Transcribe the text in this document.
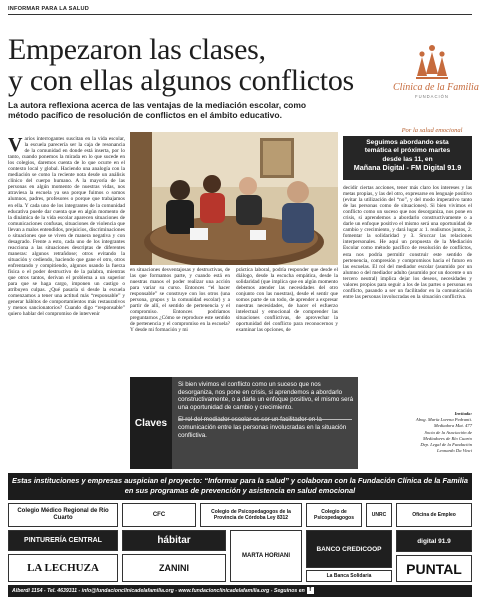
INFORMAR PARA LA SALUD
Empezaron las clases,
y con ellas algunos conflictos
La autora reflexiona acerca de las ventajas de la mediación escolar, como método pacífico de resolución de conflictos en el ámbito educativo.
Clínica de la Familia
FUNDACIÓN
Por la salud emocional
Varios interrogantes suscitan en la vida escolar, la escuela parecería ser la caja de resonancia de la comunidad en donde está inserta, por lo tanto, cuando ponemos la mirada en lo que sucede en los colegios, daremos cuenta de lo que ocurre en el contexto local y global. Haciendo una analogía con la mediación se como la reciente nota desde un análisis clínico del cuerpo humano. A la mayoría de las personas en algún momento de nuestras vidas, nos atraviesa la escuela ya sea porque fuimos o somos alumnos, padres, profesores o porque que trabajamos en ella. Y cada uno de los integrantes de la comunidad educativa puede dar cuenta que en algún momento de la dinámica de la vida escolar aparecen situaciones de comunicaciones confusas, situaciones de violencia que llevan a malos entendidos, prejuicios, discriminaciones o situaciones que se viven de manera negativa y con desagrado. Frente a esto, cada uno de los integrantes reacciona a las situaciones descriptas de diferentes maneras: algunos retrañdose; otros evitando la situación y cediendo, haciendo que gane el otro, otros enfrentando y compitiendo, algunos usando la fuerza física o el poder destructivo de la palabra, mientras que otros tantos, derivan el problema a un superior para que se haga cargo, imponen un castigo o atribuyen culpas. ¿Qué pasaría si desde la escuela comenzamos a tener una actitud más “responsable” y generar hábitos de comportamientos más restaurativos y menos sancionatorios? Cuando digo “responsable” quiero hablar del compromiso de intervenir
en situaciones desventajosas y destructivas, de las que formamos parte, y cuando está en nuestras manos el poder realizar una acción para variar su curso. Entonces “el hacer responsable” se construye con los otros (una persona, grupos y la comunidad escolar) y a partir de allí, el sentido de pertenencia y el compromiso. Entonces podríamos preguntarnos ¿Cómo se reproduce este sentido de pertenencia y el compromiso en la escuela? Y desde mi formación y mi
práctica laboral, podría responder que desde el diálogo, desde la escucha empática, desde la solidaridad (que implica que en algún momento debemos atender las necesidades del otro conjunto con las nuestras), desde el sentir que somos parte de un todo, de aprender a expresar nuestras necesidades, de hacer el esfuerzo intelectual y emocional de comprender las situaciones conflictivas, de aprovechar la oportunidad del conflicto para reconocernos y examinar las opciones, de
Seguimos abordando esta
temática el próximo martes
desde las 11, en
Mañana Digital - FM Digital 91.9
decidir ciertas acciones, tener más claro los intereses y las metas propias, y las del otro, expresarse en lenguaje positivo (evitar la utilización del “no”, y del modo imperativo tanto de las personas como de situaciones). Si bien vivimos el conflicto como un suceso que nos desorganiza, nos pone en crisis, si aprendemos a abordarlo constructivamente o a darle un enfoque positivo el mismo será una oportunidad de cambio y crecimiento, y dará lugar a: 1. realismos juntos, 2. fomentar la solidaridad y 3. Sruccar las relaciones interpersonales. He aquí un propuesta de la Mediación Escolar como método pacífico de resolución de conflictos, esta nos podría permitir construir este sentido de pertenencia, compresión y compromisos hacia el futuro en las escuelas. El rol del mediador escolar (asumido por un alumno o del mediador adulto (asumido por un docente o un tercero neutral) implica dejar los deseos, necesidades y valores propios para seguir a los de las partes o personas en conflicto, pasando a ser un facilitador en la comunicación entre las personas involucradas en la situación conflictiva.
Claves
Si bien vivimos el conflicto como un suceso que nos desorganiza, nos pone en crisis, si aprendemos a abordarlo constructivamente, o a darle un enfoque positivo, el mismo será una oportunidad de cambio y crecimiento.
comunicación entre las personas involucradas en la situación conflictiva.
Invitada:
Abog. María Lorena Pedranti.
Mediadora Mat. 477
Socia de la Asociación de
Mediadores de Río Cuarto
Dep. Legal de la Fundación
Leonardo Da Vinci
Estas instituciones y empresas auspician el proyecto: “Informar para la salud” y colaboran con la Fundación Clínica de la Familia en sus programas de prevención y asistencia en salud emocional
Colegio Médico Regional de Río Cuarto
CFC	Colegio de Psicopedagogos de la Provincia de Córdoba Ley 8312
Colegio de Psicopedagogos
UNRC	Oficina de Empleo
PINTURERÍA CENTRAL	hábitar
LA LECHUZA	ZANINI
MARTA HORIANI
BANCO CREDICOOP
La Banca Solidaria
digital 91.9
PUNTAL
Alberdi 1154 - Tel. 4639311 - info@fundacionclinicadelafamilia.org - www.fundacionclinicadelafamilia.org - Seguinos en f
